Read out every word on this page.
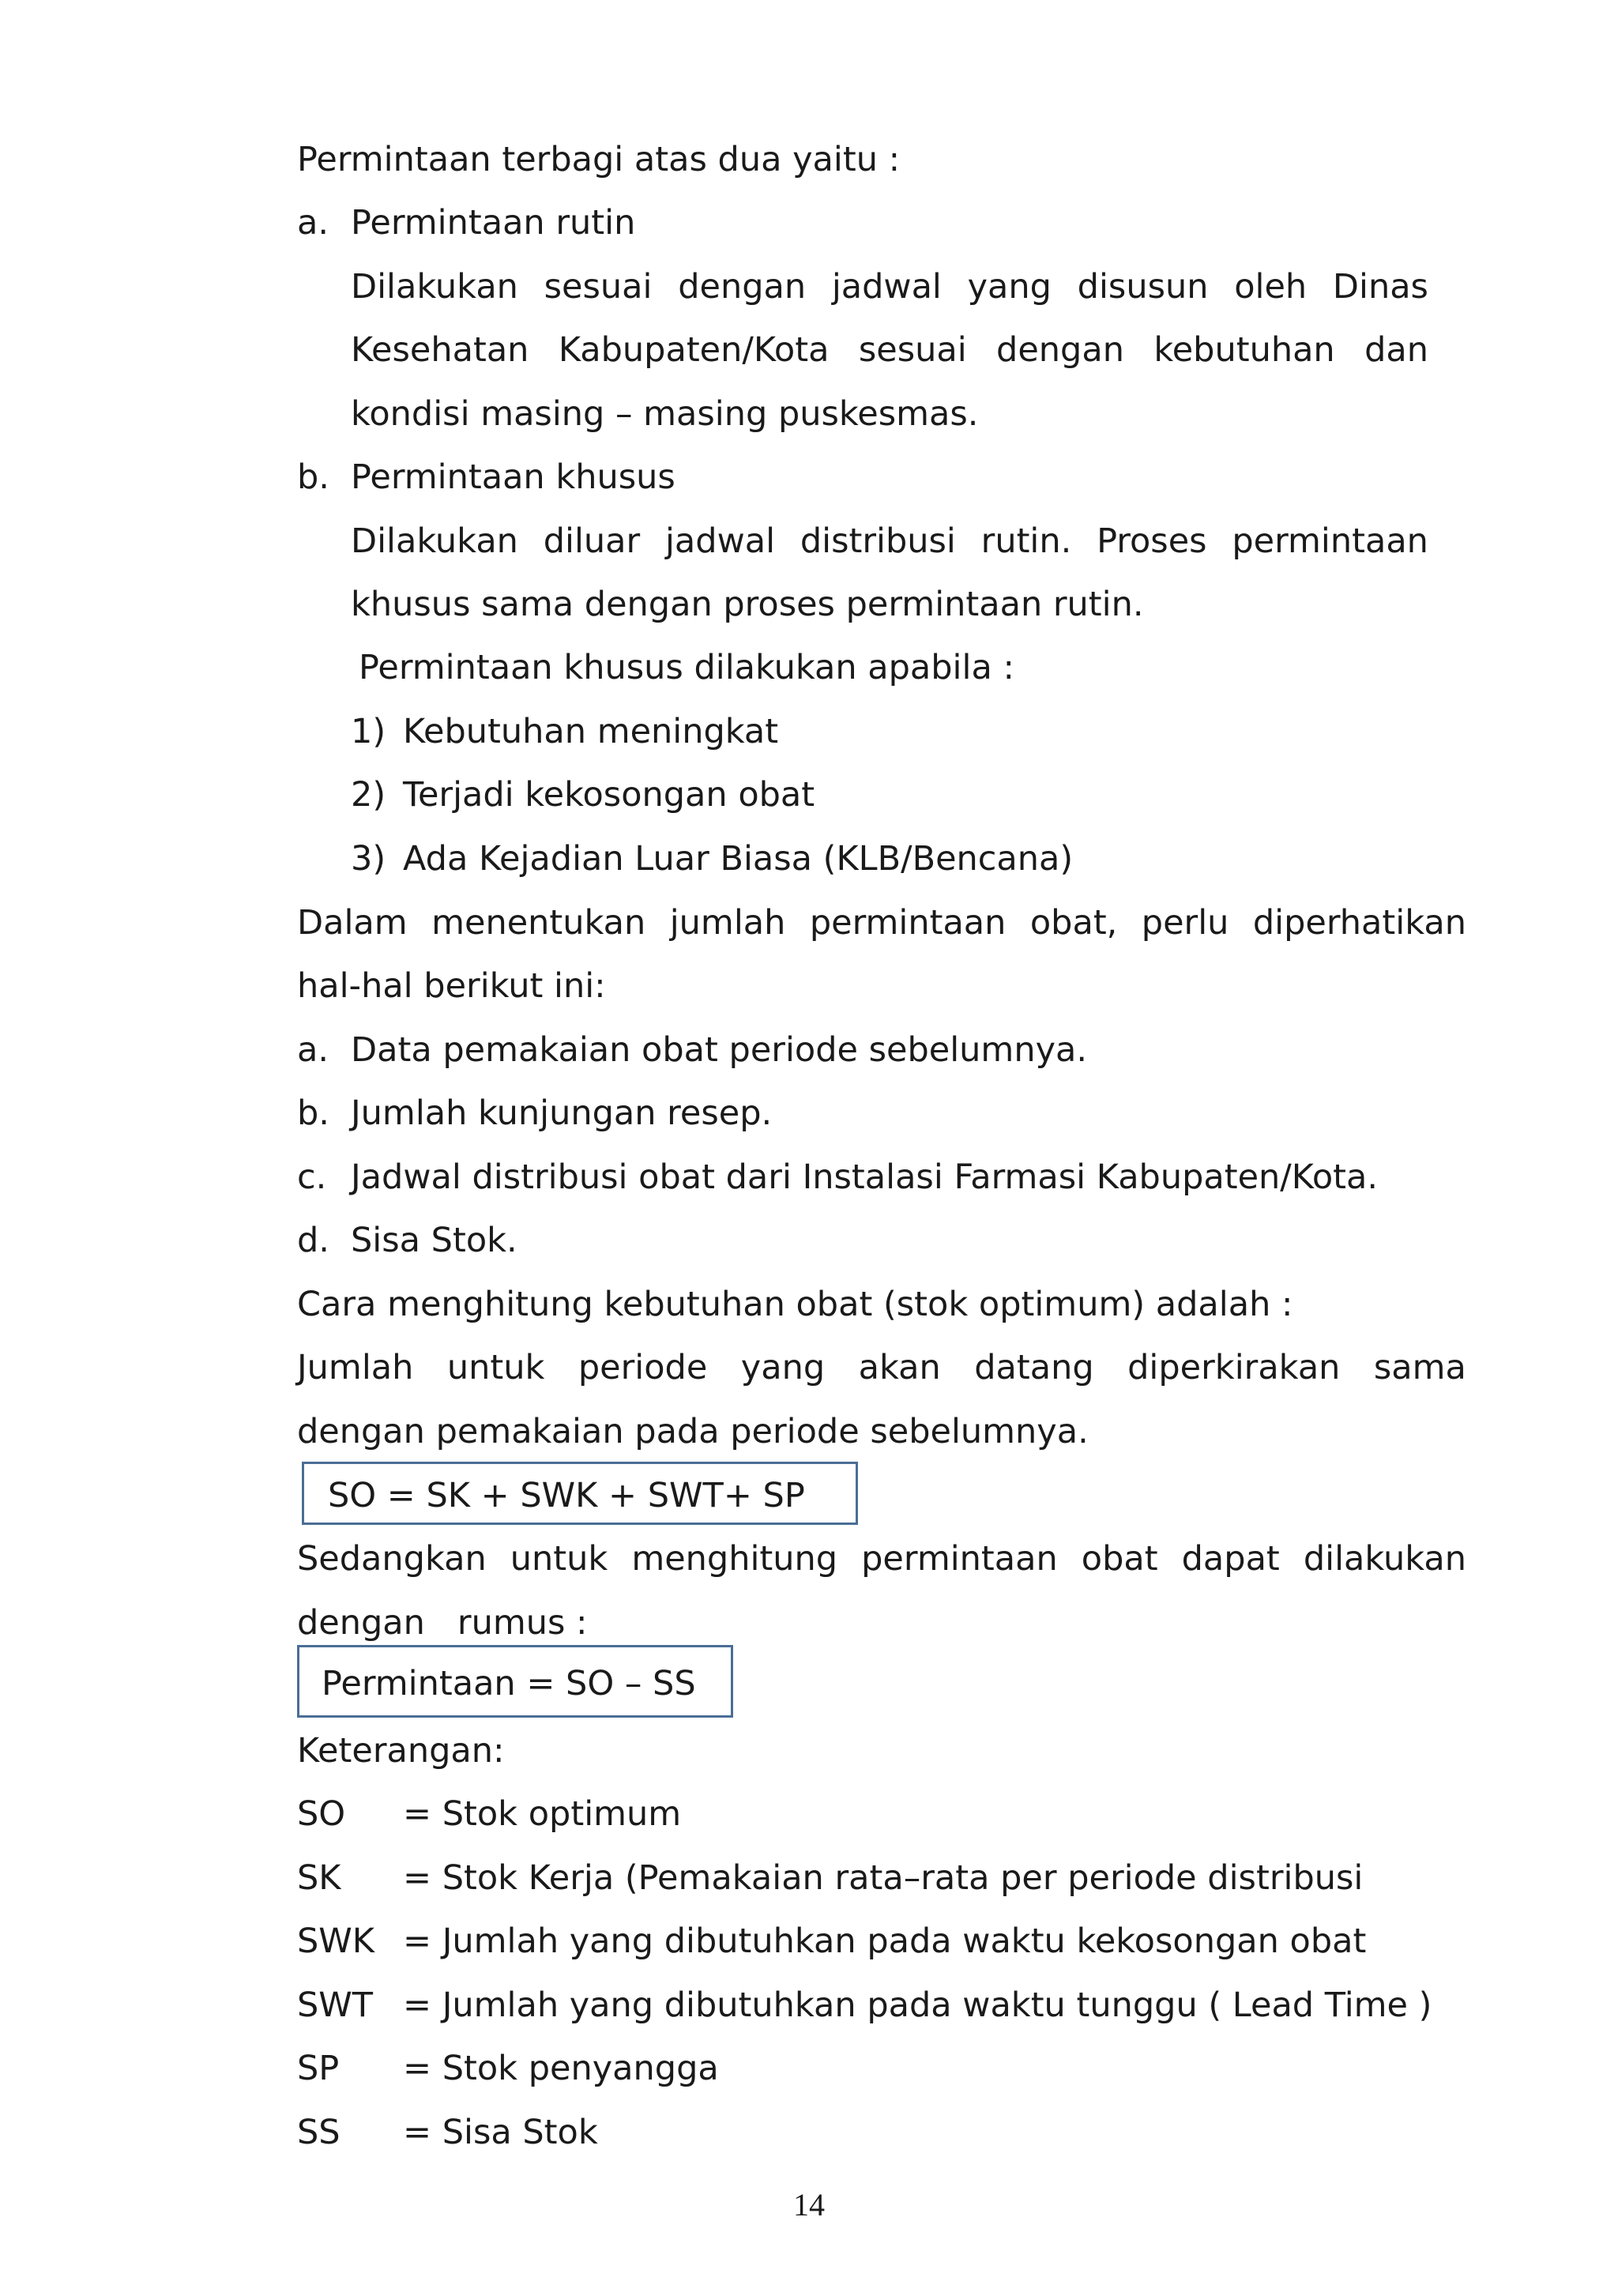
Permintaan terbagi atas dua yaitu :
a. Permintaan rutin
Dilakukan sesuai dengan jadwal yang disusun oleh Dinas
Kesehatan Kabupaten/Kota sesuai dengan kebutuhan dan
kondisi masing – masing puskesmas.
b. Permintaan khusus
Dilakukan diluar jadwal distribusi rutin. Proses permintaan
khusus sama dengan proses permintaan rutin.
Permintaan khusus dilakukan apabila :
1) Kebutuhan meningkat
2) Terjadi kekosongan obat
3) Ada Kejadian Luar Biasa (KLB/Bencana)
Dalam menentukan jumlah permintaan obat, perlu diperhatikan
hal-hal berikut ini:
a. Data pemakaian obat periode sebelumnya.
b. Jumlah kunjungan resep.
c. Jadwal distribusi obat dari Instalasi Farmasi Kabupaten/Kota.
d. Sisa Stok.
Cara menghitung kebutuhan obat (stok optimum) adalah :
Jumlah untuk periode yang akan datang diperkirakan sama
dengan pemakaian pada periode sebelumnya.
SO = SK + SWK + SWT+ SP
Sedangkan untuk menghitung permintaan obat dapat dilakukan
dengan   rumus :
Permintaan = SO – SS
Keterangan:
SO = Stok optimum
SK = Stok Kerja (Pemakaian rata–rata per periode distribusi
SWK = Jumlah yang dibutuhkan pada waktu kekosongan obat
SWT = Jumlah yang dibutuhkan pada waktu tunggu ( Lead Time )
SP = Stok penyangga
SS = Sisa Stok
14
